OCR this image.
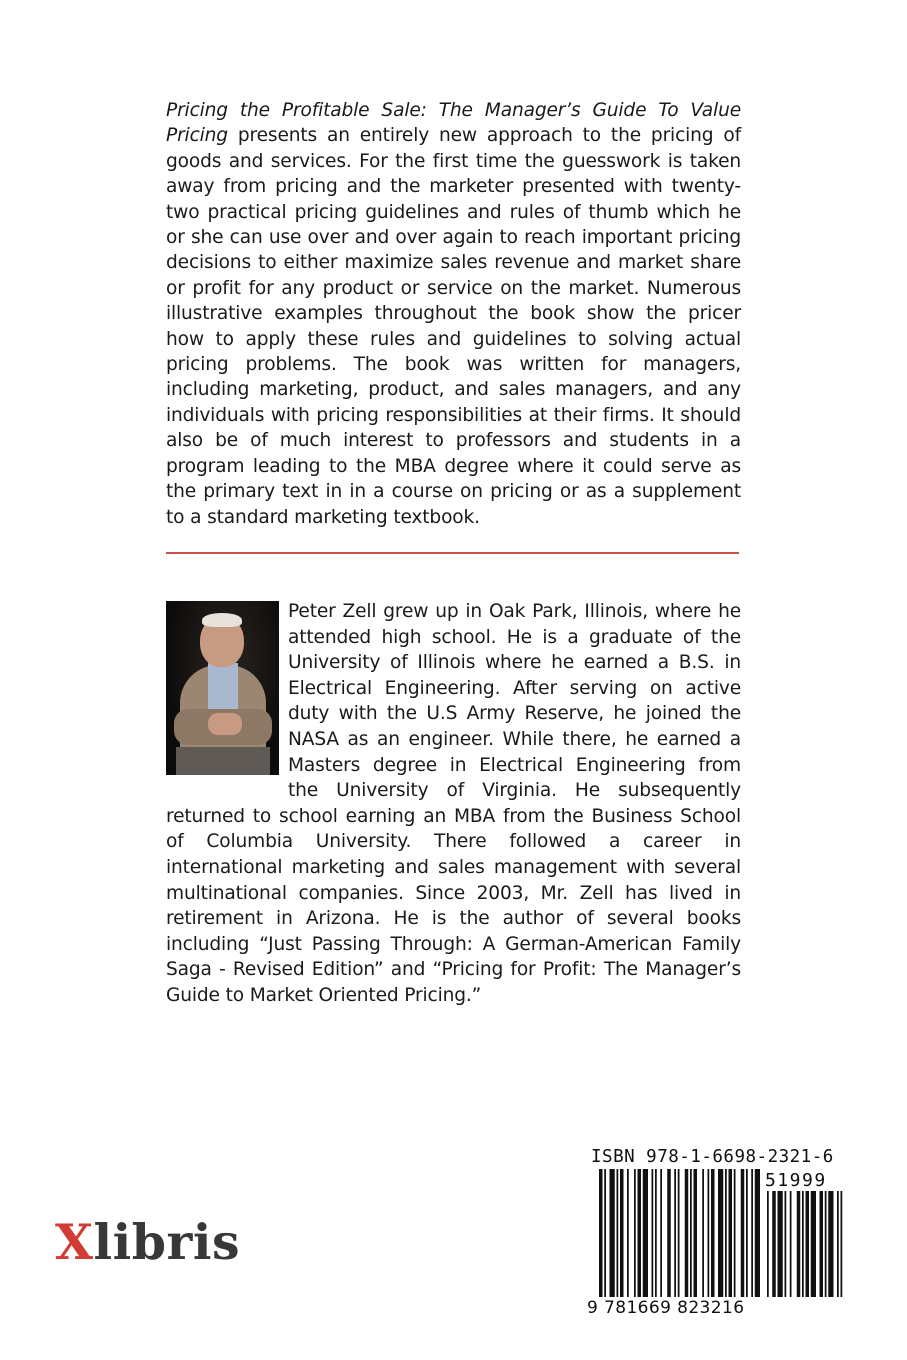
Pricing the Profitable Sale: The Manager’s Guide To Value Pricing presents an entirely new approach to the pricing of goods and services. For the first time the guesswork is taken away from pricing and the marketer presented with twenty-two practical pricing guidelines and rules of thumb which he or she can use over and over again to reach important pricing decisions to either maximize sales revenue and market share or profit for any product or service on the market. Numerous illustrative examples throughout the book show the pricer how to apply these rules and guidelines to solving actual pricing problems. The book was written for managers, including marketing, product, and sales managers, and any individuals with pricing responsibilities at their firms. It should also be of much interest to professors and students in a program leading to the MBA degree where it could serve as the primary text in in a course on pricing or as a supplement to a standard marketing textbook.

Peter Zell grew up in Oak Park, Illinois, where he attended high school. He is a graduate of the University of Illinois where he earned a B.S. in Electrical Engineering. After serving on active duty with the U.S Army Reserve, he joined the NASA as an engineer. While there, he earned a Masters degree in Electrical Engineering from the University of Virginia. He subsequently returned to school earning an MBA from the Business School of Columbia University. There followed a career in international marketing and sales management with several multinational companies. Since 2003, Mr. Zell has lived in retirement in Arizona. He is the author of several books including “Just Passing Through: A German-American Family Saga - Revised Edition” and “Pricing for Profit: The Manager’s Guide to Market Oriented Pricing.”

ISBN 978-1-6698-2321-6
51999
9 781669 823216
Xlibris
